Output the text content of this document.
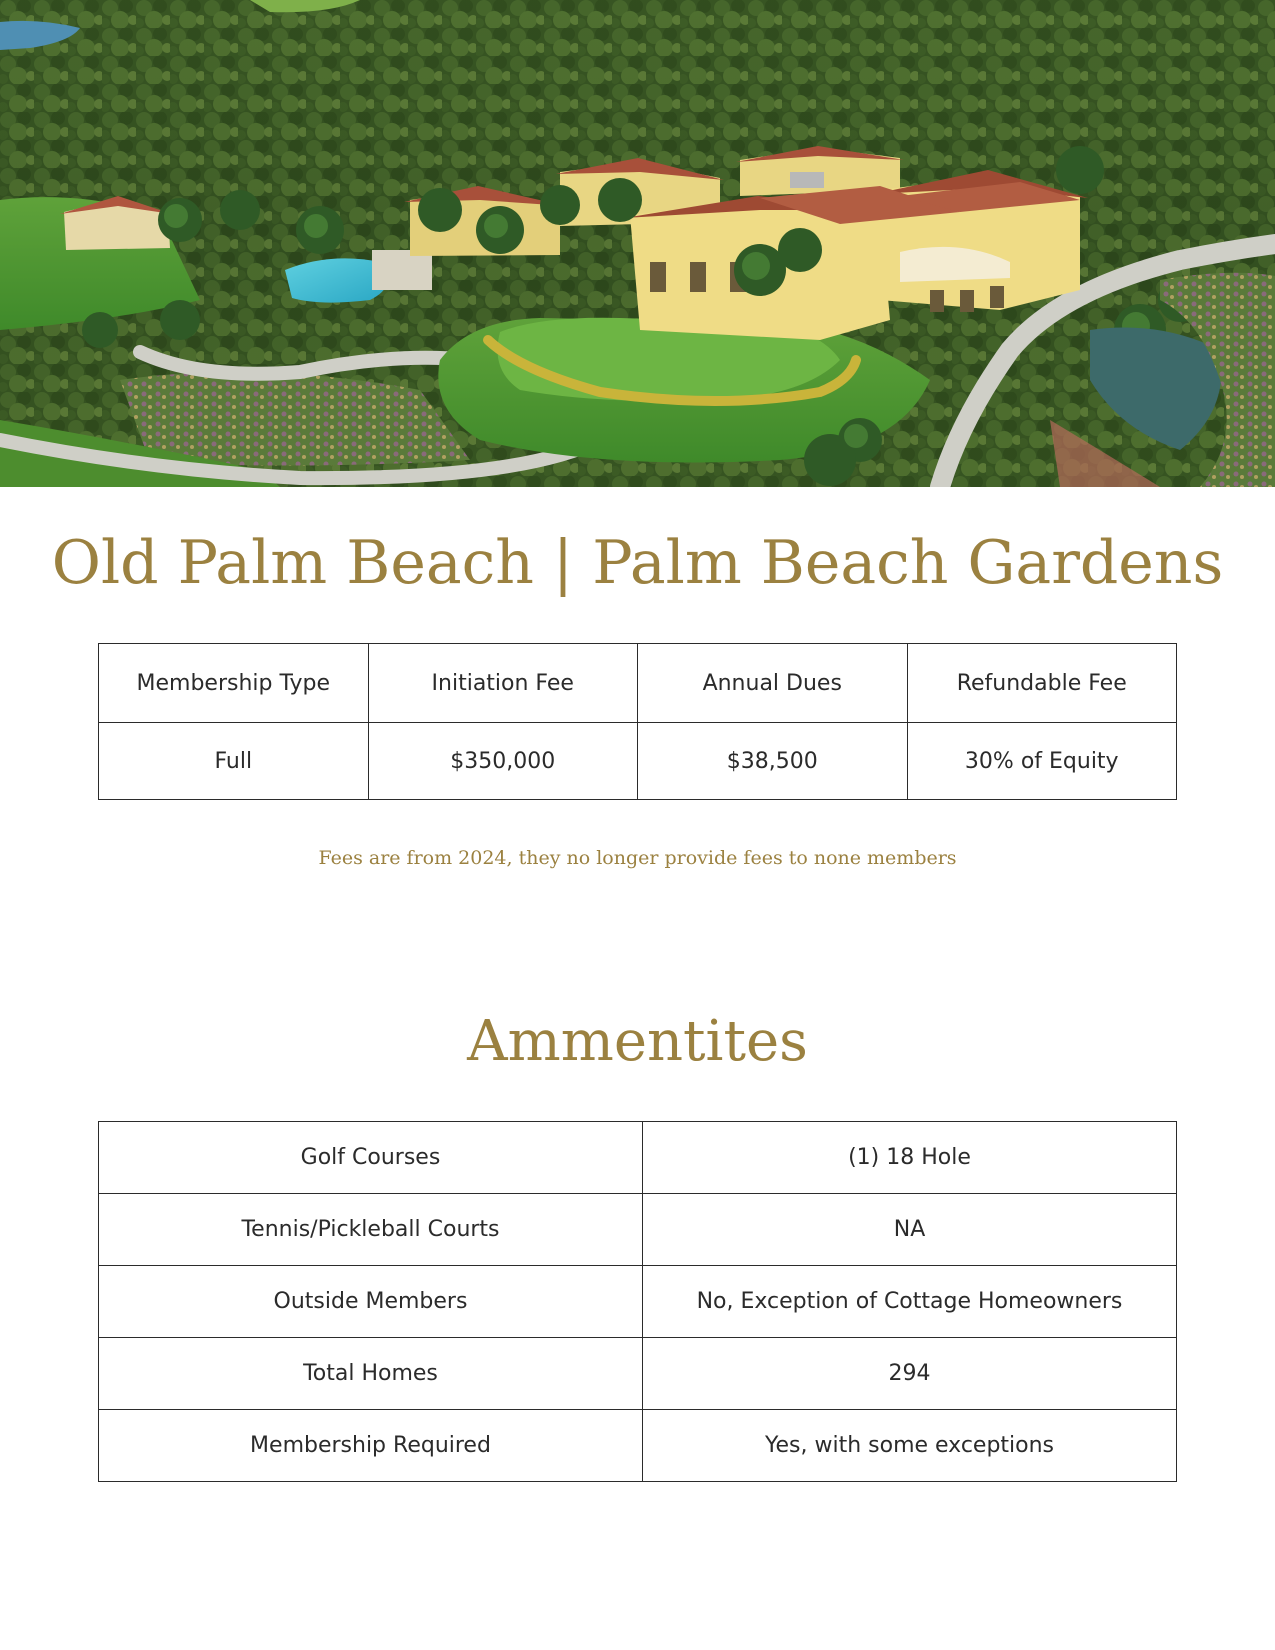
Old Palm Beach | Palm Beach Gardens
Membership Type	Initiation Fee	Annual Dues	Refundable Fee
Full	$350,000	$38,500	30% of Equity
Fees are from 2024, they no longer provide fees to none members
Ammentites
Golf Courses	(1) 18 Hole
Tennis/Pickleball Courts	NA
Outside Members	No, Exception of Cottage Homeowners
Total Homes	294
Membership Required	Yes, with some exceptions
